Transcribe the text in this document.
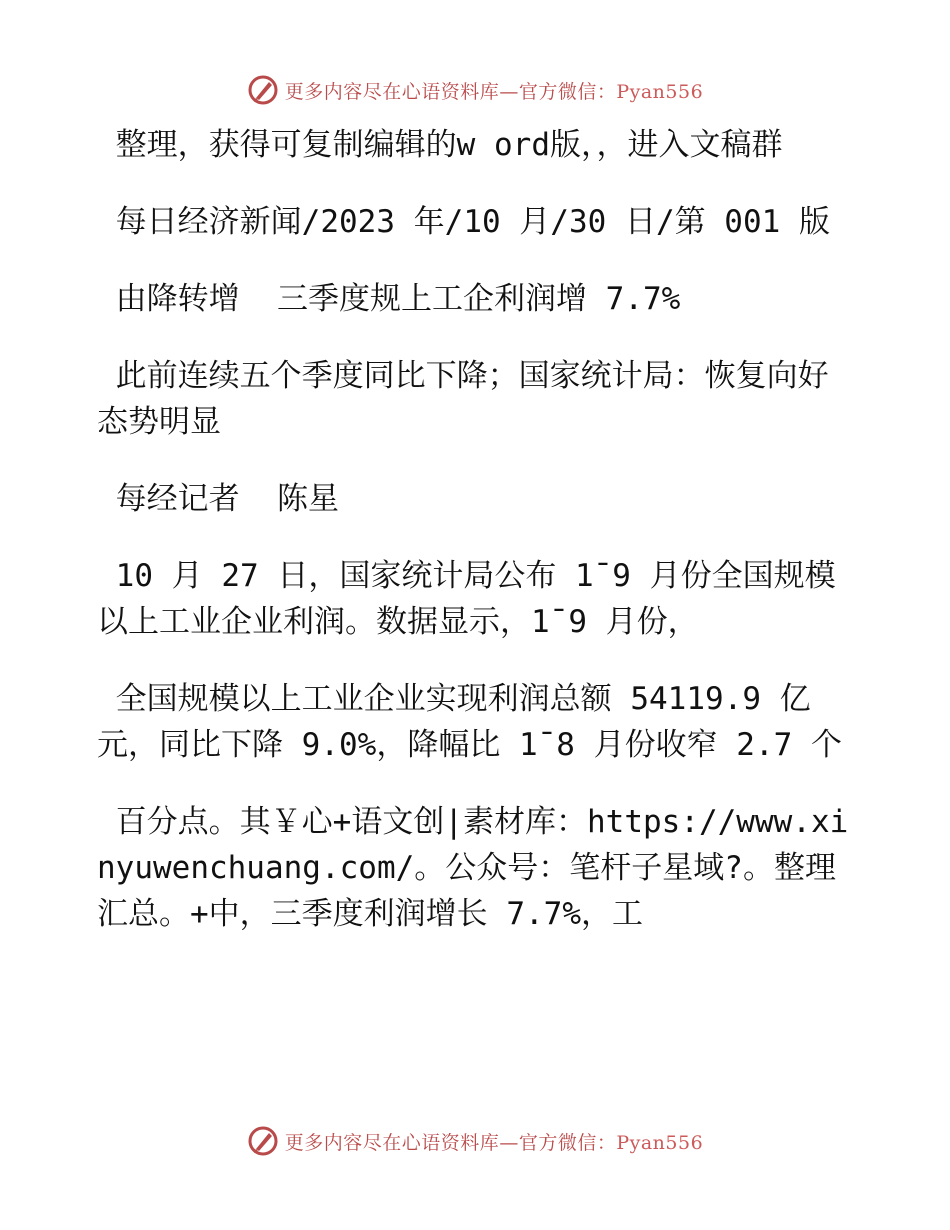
更多内容尽在心语资料库—官方微信：Pyan556

整理，获得可复制编辑的w ord版，，进入文稿群

每日经济新闻/2023 年/10 月/30 日/第 001 版

由降转增  三季度规上工企利润增 7.7%

此前连续五个季度同比下降；国家统计局：恢复向好态势明显

每经记者  陈星

10 月 27 日，国家统计局公布 1¯9 月份全国规模以上工业企业利润。数据显示，1¯9 月份，

全国规模以上工业企业实现利润总额 54119.9 亿元，同比下降 9.0%，降幅比 1¯8 月份收窄 2.7 个

百分点。其￥心+语文创|素材库：https://www.xinyuwenchuang.com/。公众号：笔杆子星域?。整理汇总。+中，三季度利润增长 7.7%，工

更多内容尽在心语资料库—官方微信：Pyan556
